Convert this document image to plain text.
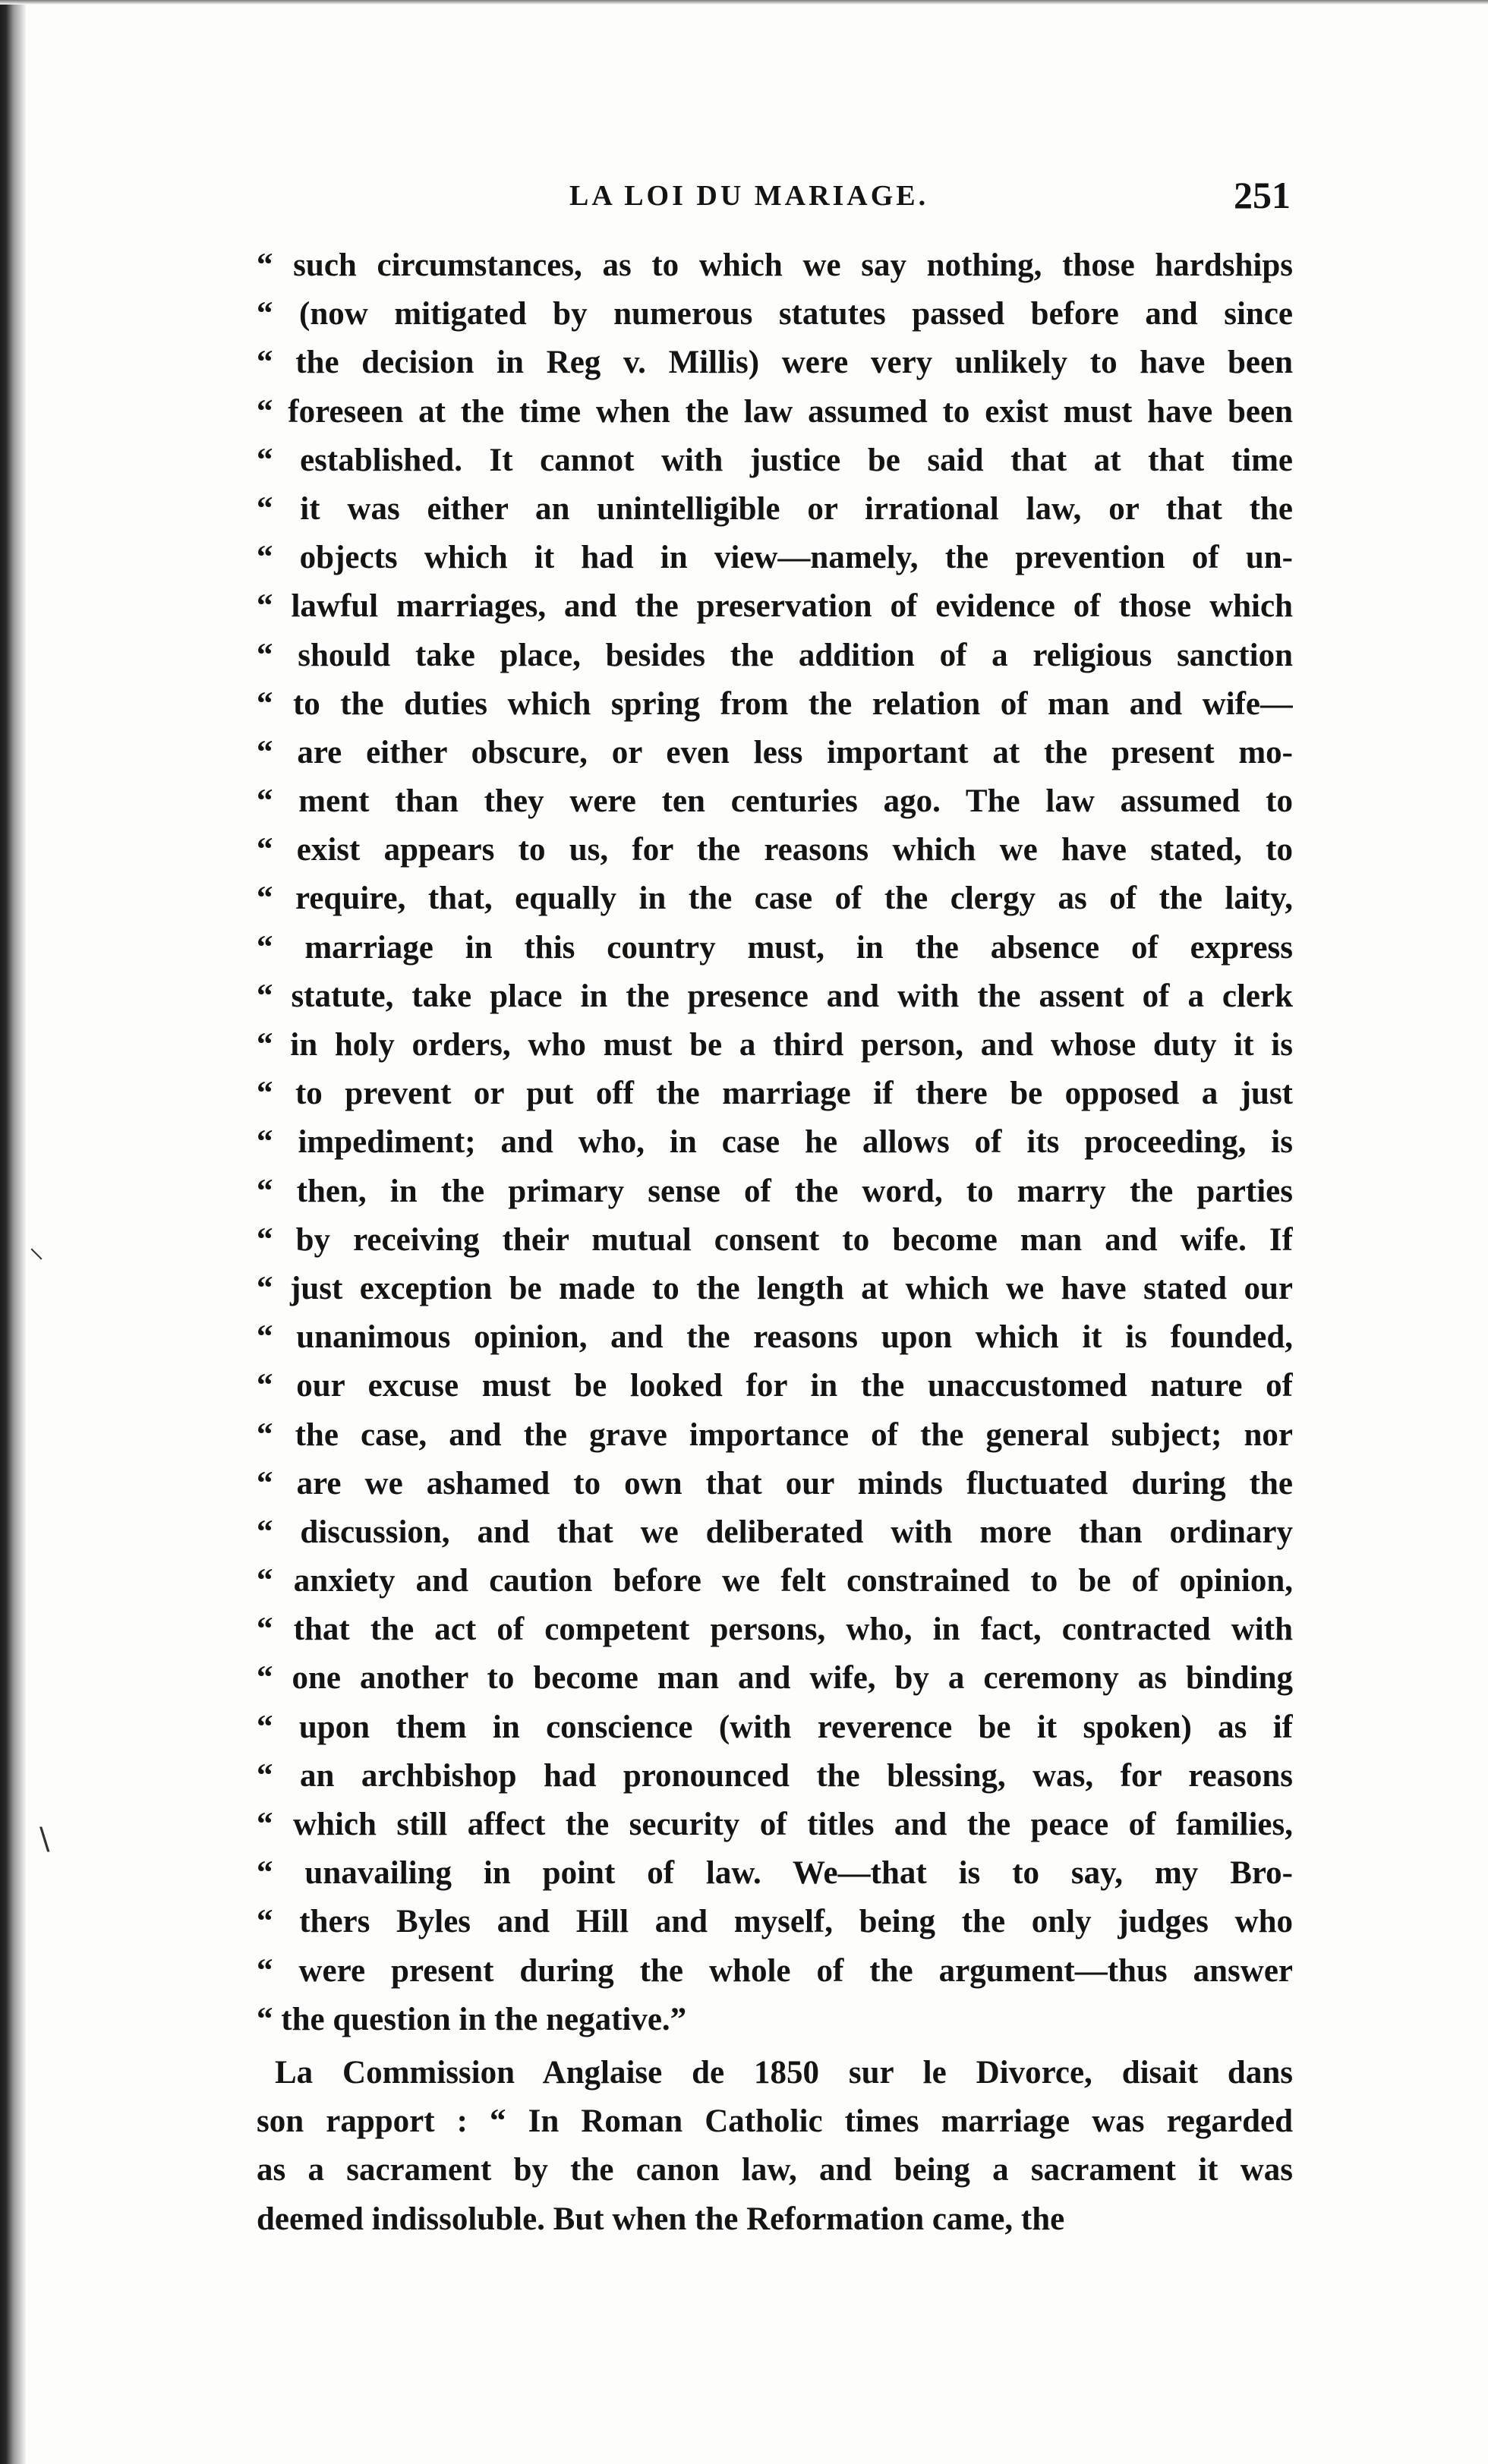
LA LOI DU MARIAGE.	251
⸌
\
“ such circumstances, as to which we say nothing, those hardships
“ (now mitigated by numerous statutes passed before and since
“ the decision in Reg v. Millis) were very unlikely to have been
“ foreseen at the time when the law assumed to exist must have been
“ established. It cannot with justice be said that at that time
“ it was either an unintelligible or irrational law, or that the
“ objects which it had in view—namely, the prevention of un-
“ lawful marriages, and the preservation of evidence of those which
“ should take place, besides the addition of a religious sanction
“ to the duties which spring from the relation of man and wife—
“ are either obscure, or even less important at the present mo-
“ ment than they were ten centuries ago. The law assumed to
“ exist appears to us, for the reasons which we have stated, to
“ require, that, equally in the case of the clergy as of the laity,
“ marriage in this country must, in the absence of express
“ statute, take place in the presence and with the assent of a clerk
“ in holy orders, who must be a third person, and whose duty it is
“ to prevent or put off the marriage if there be opposed a just
“ impediment; and who, in case he allows of its proceeding, is
“ then, in the primary sense of the word, to marry the parties
“ by receiving their mutual consent to become man and wife. If
“ just exception be made to the length at which we have stated our
“ unanimous opinion, and the reasons upon which it is founded,
“ our excuse must be looked for in the unaccustomed nature of
“ the case, and the grave importance of the general subject; nor
“ are we ashamed to own that our minds fluctuated during the
“ discussion, and that we deliberated with more than ordinary
“ anxiety and caution before we felt constrained to be of opinion,
“ that the act of competent persons, who, in fact, contracted with
“ one another to become man and wife, by a ceremony as binding
“ upon them in conscience (with reverence be it spoken) as if
“ an archbishop had pronounced the blessing, was, for reasons
“ which still affect the security of titles and the peace of families,
“ unavailing in point of law. We—that is to say, my Bro-
“ thers Byles and Hill and myself, being the only judges who
“ were present during the whole of the argument—thus answer
“ the question in the negative.”
La Commission Anglaise de 1850 sur le Divorce, disait dans
son rapport : “ In Roman Catholic times marriage was regarded
as a sacrament by the canon law, and being a sacrament it was
deemed indissoluble. But when the Reformation came, the
